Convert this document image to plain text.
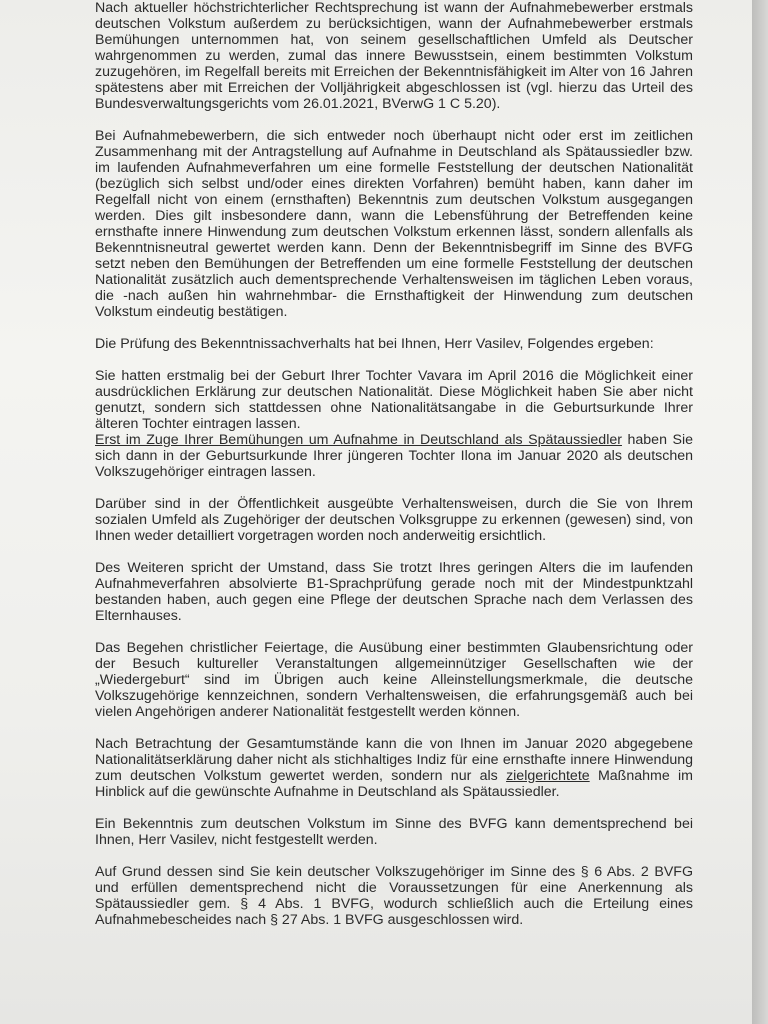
Nach aktueller höchstrichterlicher Rechtsprechung ist wann der Aufnahmebewerber erstmals deutschen Volkstum außerdem zu berücksichtigen, wann der Aufnahmebewerber erstmals Bemühungen unternommen hat, von seinem gesellschaftlichen Umfeld als Deutscher wahrgenommen zu werden, zumal das innere Bewusstsein, einem bestimmten Volkstum zuzugehören, im Regelfall bereits mit Erreichen der Bekenntnisfähigkeit im Alter von 16 Jahren spätestens aber mit Erreichen der Volljährigkeit abgeschlossen ist (vgl. hierzu das Urteil des Bundesverwaltungsgerichts vom 26.01.2021, BVerwG 1 C 5.20).

Bei Aufnahmebewerbern, die sich entweder noch überhaupt nicht oder erst im zeitlichen Zusammenhang mit der Antragstellung auf Aufnahme in Deutschland als Spätaussiedler bzw. im laufenden Aufnahmeverfahren um eine formelle Feststellung der deutschen Nationalität (bezüglich sich selbst und/oder eines direkten Vorfahren) bemüht haben, kann daher im Regelfall nicht von einem (ernsthaften) Bekenntnis zum deutschen Volkstum ausgegangen werden. Dies gilt insbesondere dann, wann die Lebensführung der Betreffenden keine ernsthafte innere Hinwendung zum deutschen Volkstum erkennen lässt, sondern allenfalls als Bekenntnisneutral gewertet werden kann. Denn der Bekenntnisbegriff im Sinne des BVFG setzt neben den Bemühungen der Betreffenden um eine formelle Feststellung der deutschen Nationalität zusätzlich auch dementsprechende Verhaltensweisen im täglichen Leben voraus, die -nach außen hin wahrnehmbar- die Ernsthaftigkeit der Hinwendung zum deutschen Volkstum eindeutig bestätigen.

Die Prüfung des Bekenntnissachverhalts hat bei Ihnen, Herr Vasilev, Folgendes ergeben:

Sie hatten erstmalig bei der Geburt Ihrer Tochter Vavara im April 2016 die Möglichkeit einer ausdrücklichen Erklärung zur deutschen Nationalität. Diese Möglichkeit haben Sie aber nicht genutzt, sondern sich stattdessen ohne Nationalitätsangabe in die Geburtsurkunde Ihrer älteren Tochter eintragen lassen.

Erst im Zuge Ihrer Bemühungen um Aufnahme in Deutschland als Spätaussiedler haben Sie sich dann in der Geburtsurkunde Ihrer jüngeren Tochter Ilona im Januar 2020 als deutschen Volkszugehöriger eintragen lassen.

Darüber sind in der Öffentlichkeit ausgeübte Verhaltensweisen, durch die Sie von Ihrem sozialen Umfeld als Zugehöriger der deutschen Volksgruppe zu erkennen (gewesen) sind, von Ihnen weder detailliert vorgetragen worden noch anderweitig ersichtlich.

Des Weiteren spricht der Umstand, dass Sie trotzt Ihres geringen Alters die im laufenden Aufnahmeverfahren absolvierte B1-Sprachprüfung gerade noch mit der Mindestpunktzahl bestanden haben, auch gegen eine Pflege der deutschen Sprache nach dem Verlassen des Elternhauses.

Das Begehen christlicher Feiertage, die Ausübung einer bestimmten Glaubensrichtung oder der Besuch kultureller Veranstaltungen allgemeinnütziger Gesellschaften wie der „Wiedergeburt“ sind im Übrigen auch keine Alleinstellungsmerkmale, die deutsche Volkszugehörige kennzeichnen, sondern Verhaltensweisen, die erfahrungsgemäß auch bei vielen Angehörigen anderer Nationalität festgestellt werden können.

Nach Betrachtung der Gesamtumstände kann die von Ihnen im Januar 2020 abgegebene Nationalitätserklärung daher nicht als stichhaltiges Indiz für eine ernsthafte innere Hinwendung zum deutschen Volkstum gewertet werden, sondern nur als zielgerichtete Maßnahme im Hinblick auf die gewünschte Aufnahme in Deutschland als Spätaussiedler.

Ein Bekenntnis zum deutschen Volkstum im Sinne des BVFG kann dementsprechend bei Ihnen, Herr Vasilev, nicht festgestellt werden.

Auf Grund dessen sind Sie kein deutscher Volkszugehöriger im Sinne des § 6 Abs. 2 BVFG und erfüllen dementsprechend nicht die Voraussetzungen für eine Anerkennung als Spätaussiedler gem. § 4 Abs. 1 BVFG, wodurch schließlich auch die Erteilung eines Aufnahmebescheides nach § 27 Abs. 1 BVFG ausgeschlossen wird.
